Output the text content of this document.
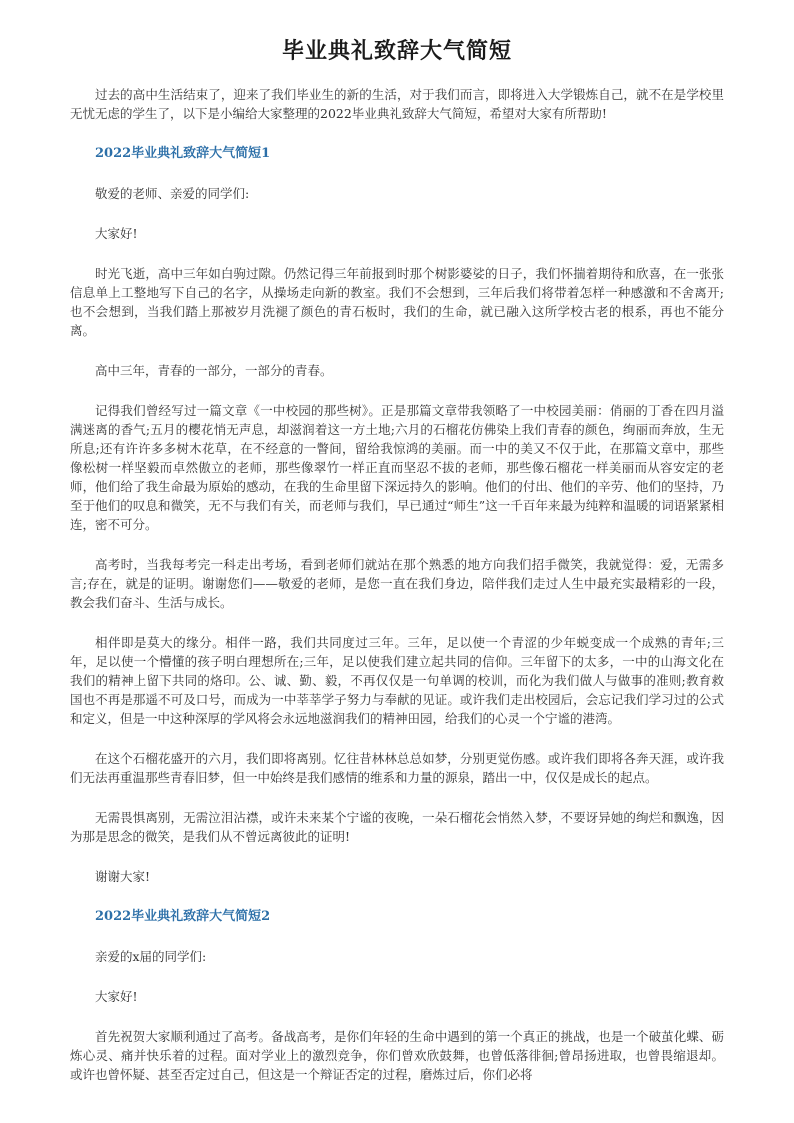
毕业典礼致辞大气简短

过去的高中生活结束了，迎来了我们毕业生的新的生活，对于我们而言，即将进入大学锻炼自己，就不在是学校里无忧无虑的学生了，以下是小编给大家整理的2022毕业典礼致辞大气简短，希望对大家有所帮助!

2022毕业典礼致辞大气简短1

敬爱的老师、亲爱的同学们:

大家好!

时光飞逝，高中三年如白驹过隙。仍然记得三年前报到时那个树影婆娑的日子，我们怀揣着期待和欣喜，在一张张信息单上工整地写下自己的名字，从操场走向新的教室。我们不会想到，三年后我们将带着怎样一种感激和不舍离开;也不会想到，当我们踏上那被岁月洗褪了颜色的青石板时，我们的生命，就已融入这所学校古老的根系，再也不能分离。

高中三年，青春的一部分，一部分的青春。

记得我们曾经写过一篇文章《一中校园的那些树》。正是那篇文章带我领略了一中校园美丽：俏丽的丁香在四月溢满迷离的香气;五月的樱花悄无声息，却滋润着这一方土地;六月的石榴花仿佛染上我们青春的颜色，绚丽而奔放，生无所息;还有许许多多树木花草，在不经意的一瞥间，留给我惊鸿的美丽。而一中的美又不仅于此，在那篇文章中，那些像松树一样坚毅而卓然傲立的老师，那些像翠竹一样正直而坚忍不拔的老师，那些像石榴花一样美丽而从容安定的老师，他们给了我生命最为原始的感动，在我的生命里留下深远持久的影响。他们的付出、他们的辛劳、他们的坚持，乃至于他们的叹息和微笑，无不与我们有关，而老师与我们，早已通过“师生”这一千百年来最为纯粹和温暖的词语紧紧相连，密不可分。

高考时，当我每考完一科走出考场，看到老师们就站在那个熟悉的地方向我们招手微笑，我就觉得：爱，无需多言;存在，就是的证明。谢谢您们——敬爱的老师，是您一直在我们身边，陪伴我们走过人生中最充实最精彩的一段，教会我们奋斗、生活与成长。

相伴即是莫大的缘分。相伴一路，我们共同度过三年。三年，足以使一个青涩的少年蜕变成一个成熟的青年;三年，足以使一个懵懂的孩子明白理想所在;三年，足以使我们建立起共同的信仰。三年留下的太多，一中的山海文化在我们的精神上留下共同的烙印。公、诚、勤、毅，不再仅仅是一句单调的校训，而化为我们做人与做事的准则;教育救国也不再是那遥不可及口号，而成为一中莘莘学子努力与奉献的见证。或许我们走出校园后，会忘记我们学习过的公式和定义，但是一中这种深厚的学风将会永远地滋润我们的精神田园，给我们的心灵一个宁谧的港湾。

在这个石榴花盛开的六月，我们即将离别。忆往昔林林总总如梦，分别更觉伤感。或许我们即将各奔天涯，或许我们无法再重温那些青春旧梦，但一中始终是我们感情的维系和力量的源泉，踏出一中，仅仅是成长的起点。

无需畏惧离别，无需泣泪沾襟，或许未来某个宁谧的夜晚，一朵石榴花会悄然入梦，不要讶异她的绚烂和飘逸，因为那是思念的微笑，是我们从不曾远离彼此的证明!

谢谢大家!

2022毕业典礼致辞大气简短2

亲爱的x届的同学们:

大家好!

首先祝贺大家顺利通过了高考。备战高考，是你们年轻的生命中遇到的第一个真正的挑战，也是一个破茧化蝶、砺炼心灵、痛并快乐着的过程。面对学业上的激烈竞争，你们曾欢欣鼓舞，也曾低落徘徊;曾昂扬进取，也曾畏缩退却。或许也曾怀疑、甚至否定过自己，但这是一个辩证否定的过程，磨炼过后，你们必将
